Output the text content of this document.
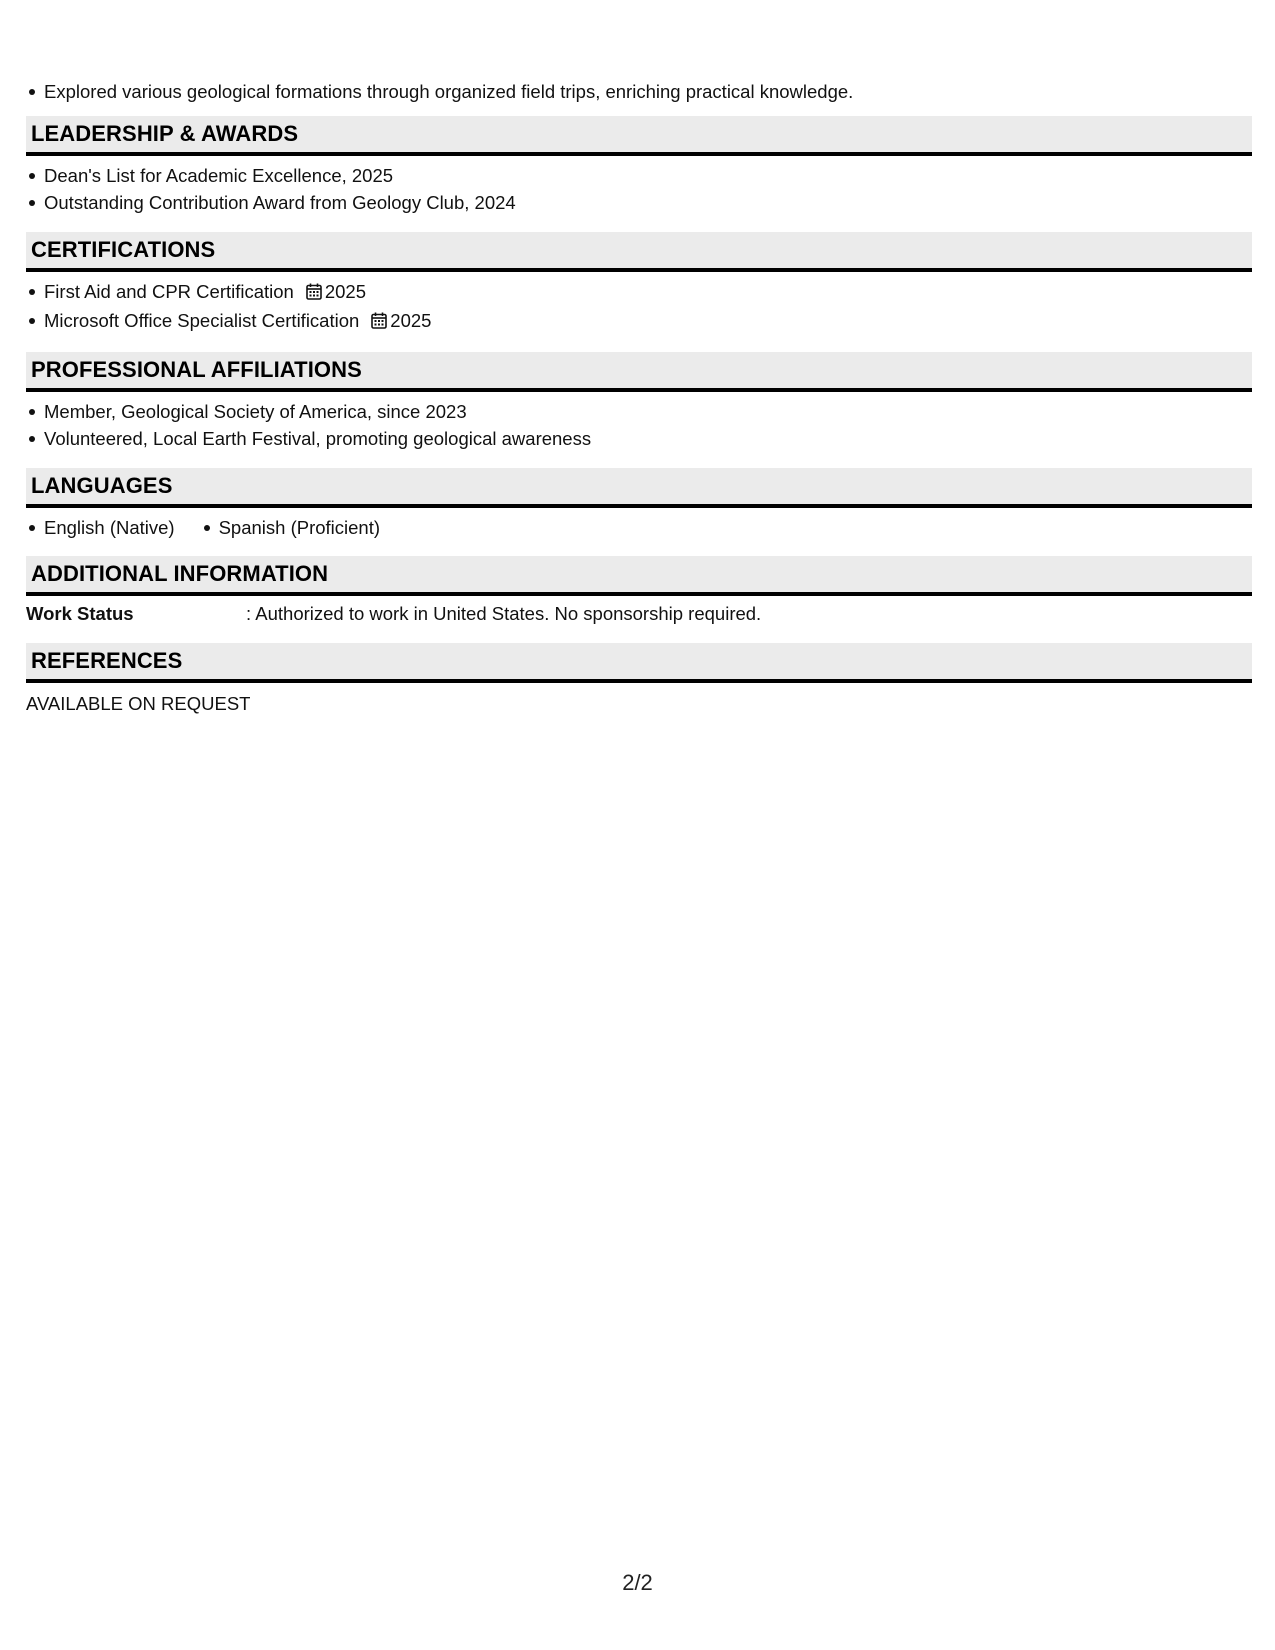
Explored various geological formations through organized field trips, enriching practical knowledge.
LEADERSHIP & AWARDS
Dean's List for Academic Excellence, 2025
Outstanding Contribution Award from Geology Club, 2024
CERTIFICATIONS
First Aid and CPR Certification 2025
Microsoft Office Specialist Certification 2025
PROFESSIONAL AFFILIATIONS
Member, Geological Society of America, since 2023
Volunteered, Local Earth Festival, promoting geological awareness
LANGUAGES
English (Native) Spanish (Proficient)
ADDITIONAL INFORMATION
Work Status	: Authorized to work in United States. No sponsorship required.
REFERENCES
AVAILABLE ON REQUEST
2/2
